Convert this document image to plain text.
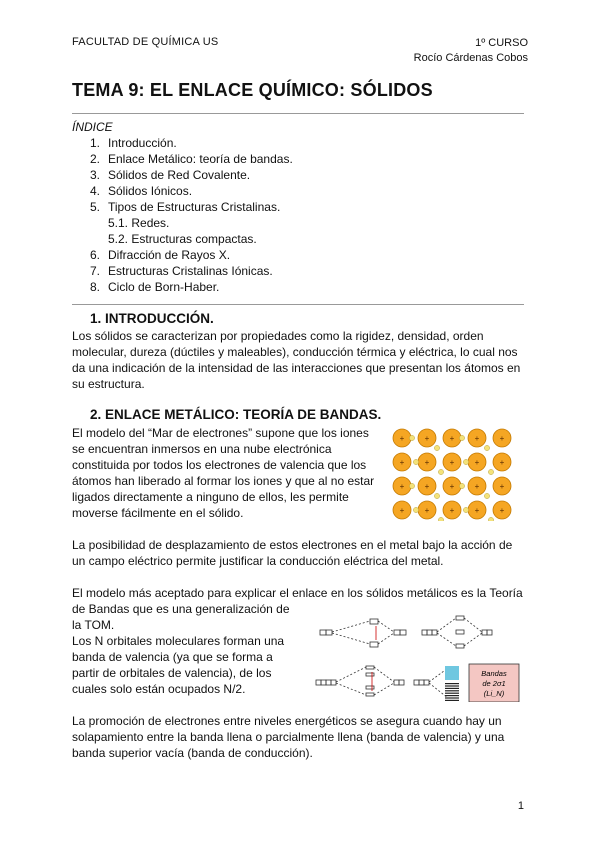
FACULTAD DE QUÍMICA US	1º CURSO
Rocío Cárdenas Cobos
TEMA 9: EL ENLACE QUÍMICO: SÓLIDOS
ÍNDICE
1. Introducción.
2. Enlace Metálico: teoría de bandas.
3. Sólidos de Red Covalente.
4. Sólidos Iónicos.
5. Tipos de Estructuras Cristalinas.
5.1. Redes.
5.2. Estructuras compactas.
6. Difracción de Rayos X.
7. Estructuras Cristalinas Iónicas.
8. Ciclo de Born-Haber.
1. INTRODUCCIÓN.
Los sólidos se caracterizan por propiedades como la rigidez, densidad, orden
molecular, dureza (dúctiles y maleables), conducción térmica y eléctrica, lo cual nos
da una indicación de la intensidad de las interacciones que presentan los átomos en
su estructura.
2. ENLACE METÁLICO: TEORÍA DE BANDAS.
El modelo del “Mar de electrones” supone que los iones
se encuentran inmersos en una nube electrónica
constituida por todos los electrones de valencia que los
átomos han liberado al formar los iones y que al no estar
ligados directamente a ninguno de ellos, les permite
moverse fácilmente en el sólido.
+	+	+	+	+
+	+	+	+	+
+	+	+	+	+
+	+	+	+	+
La posibilidad de desplazamiento de estos electrones en el metal bajo la acción de
un campo eléctrico permite justificar la conducción eléctrica del metal.
El modelo más aceptado para explicar el enlace en los sólidos metálicos es la Teoría
de Bandas que es una generalización de
la TOM.
Los N orbitales moleculares forman una
banda de valencia (ya que se forma a
partir de orbitales de valencia), de los
cuales solo están ocupados N/2.
Bandas
de 2σ1
(Li_N)
La promoción de electrones entre niveles energéticos se asegura cuando hay un
solapamiento entre la banda llena o parcialmente llena (banda de valencia) y una
banda superior vacía (banda de conducción).
1
